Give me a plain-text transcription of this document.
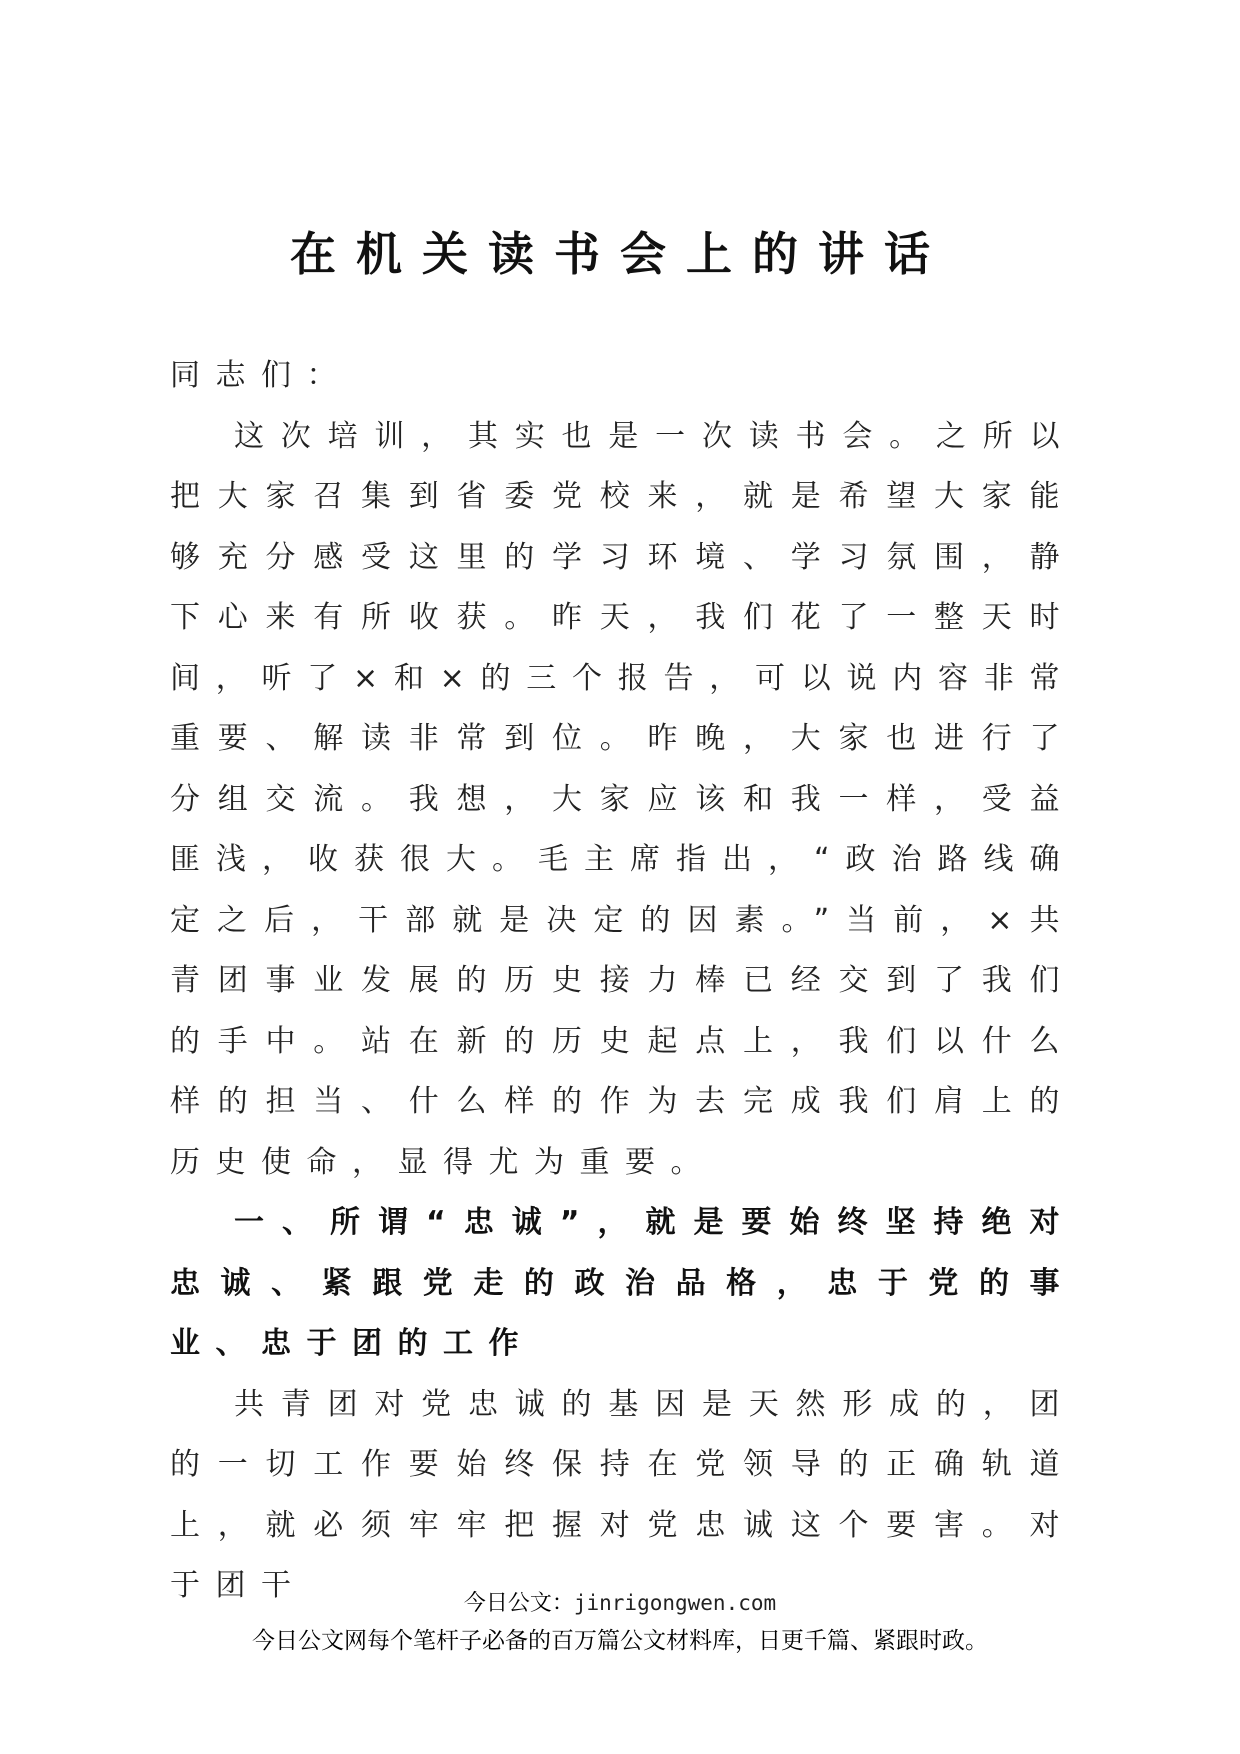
在机关读书会上的讲话

同志们：

这次培训，其实也是一次读书会。之所以把大家召集到省委党校来，就是希望大家能够充分感受这里的学习环境、学习氛围，静下心来有所收获。昨天，我们花了一整天时间，听了×和×的三个报告，可以说内容非常重要、解读非常到位。昨晚，大家也进行了分组交流。我想，大家应该和我一样，受益匪浅，收获很大。毛主席指出，“政治路线确定之后，干部就是决定的因素。”当前，×共青团事业发展的历史接力棒已经交到了我们的手中。站在新的历史起点上，我们以什么样的担当、什么样的作为去完成我们肩上的历史使命，显得尤为重要。

一、所谓“忠诚”，就是要始终坚持绝对忠诚、紧跟党走的政治品格，忠于党的事业、忠于团的工作

共青团对党忠诚的基因是天然形成的，团的一切工作要始终保持在党领导的正确轨道上，就必须牢牢把握对党忠诚这个要害。对于团干

今日公文：jinrigongwen.com
今日公文网每个笔杆子必备的百万篇公文材料库，日更千篇、紧跟时政。
